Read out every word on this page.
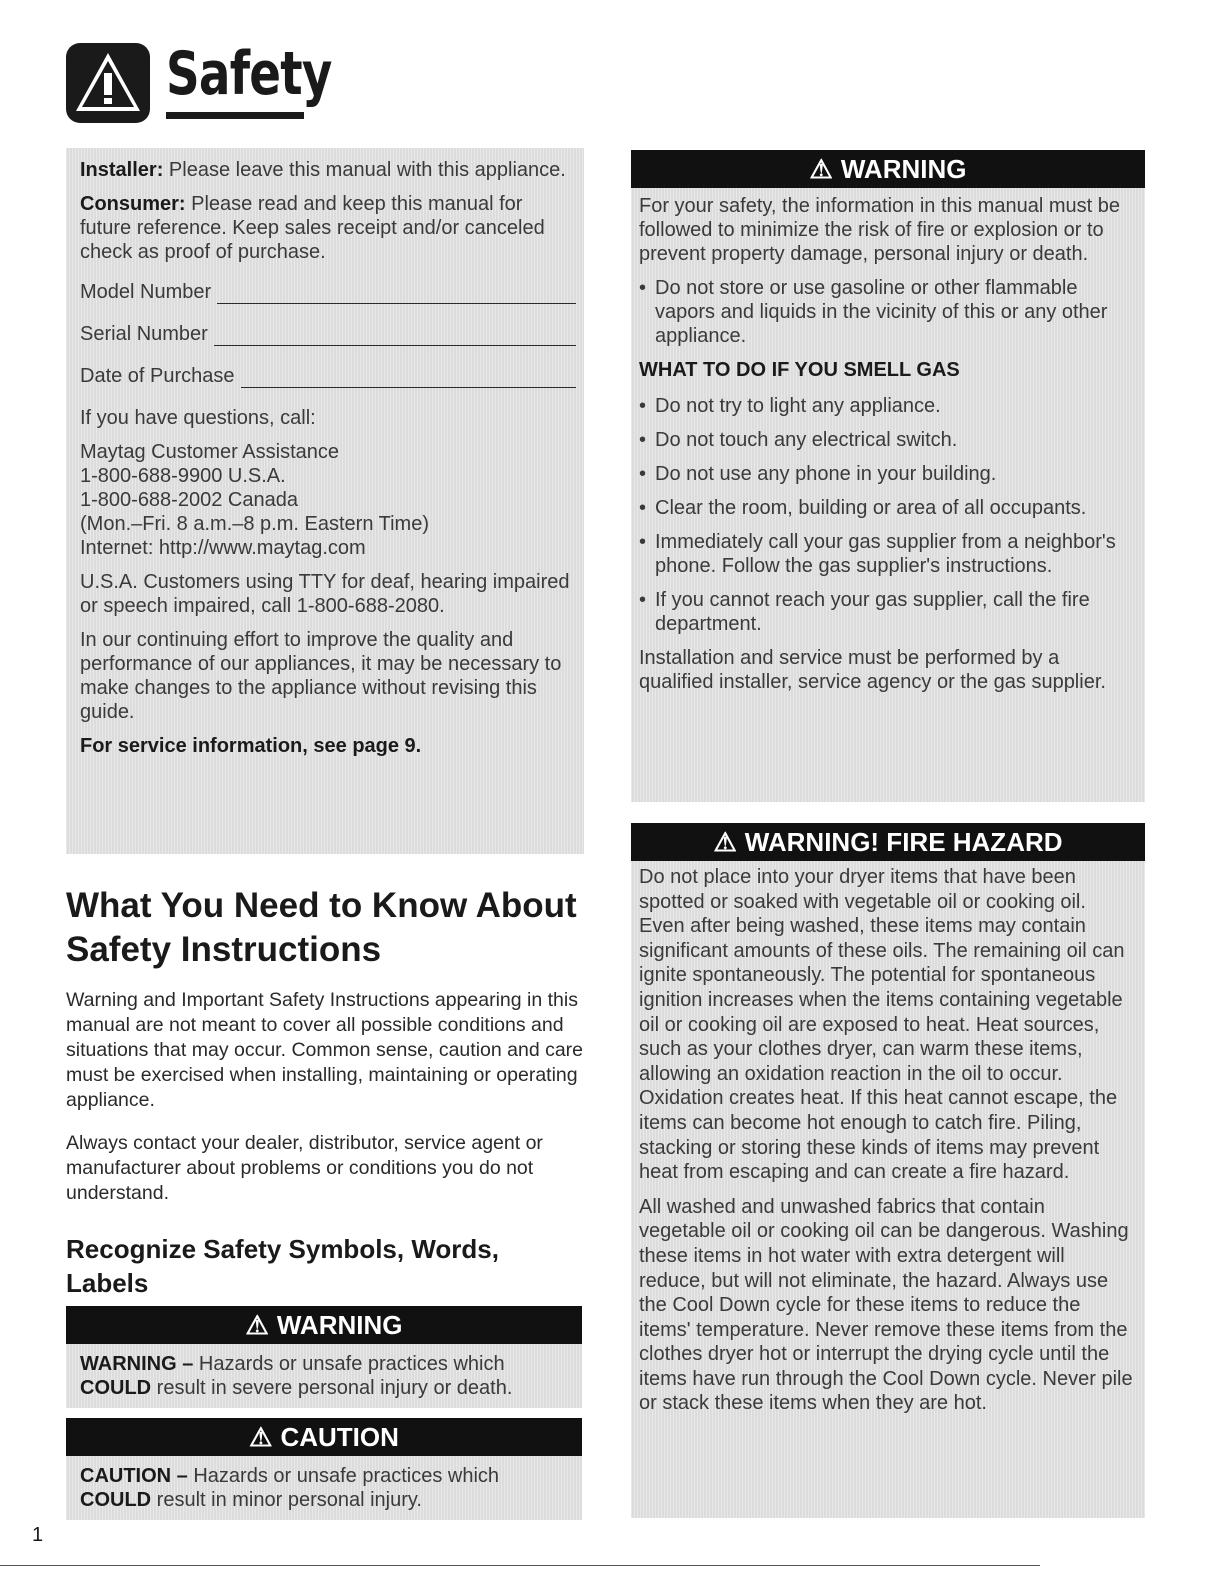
Safety

Installer: Please leave this manual with this appliance.

Consumer: Please read and keep this manual for future reference. Keep sales receipt and/or canceled check as proof of purchase.

Model Number
Serial Number
Date of Purchase

If you have questions, call:

Maytag Customer Assistance
1-800-688-9900 U.S.A.
1-800-688-2002 Canada
(Mon.–Fri. 8 a.m.–8 p.m. Eastern Time)
Internet: http://www.maytag.com

U.S.A. Customers using TTY for deaf, hearing impaired or speech impaired, call 1-800-688-2080.

In our continuing effort to improve the quality and performance of our appliances, it may be necessary to make changes to the appliance without revising this guide.

For service information, see page 9.

What You Need to Know About Safety Instructions
Warning and Important Safety Instructions appearing in this manual are not meant to cover all possible conditions and situations that may occur. Common sense, caution and care must be exercised when installing, maintaining or operating appliance.
Always contact your dealer, distributor, service agent or manufacturer about problems or conditions you do not understand.
Recognize Safety Symbols, Words, Labels
⚠ WARNING
WARNING – Hazards or unsafe practices which
COULD result in severe personal injury or death.
⚠ CAUTION
CAUTION – Hazards or unsafe practices which
COULD result in minor personal injury.
⚠ WARNING

For your safety, the information in this manual must be followed to minimize the risk of fire or explosion or to prevent property damage, personal injury or death.

• Do not store or use gasoline or other flammable vapors and liquids in the vicinity of this or any other appliance.
WHAT TO DO IF YOU SMELL GAS
• Do not try to light any appliance.
• Do not touch any electrical switch.
• Do not use any phone in your building.
• Clear the room, building or area of all occupants.
• Immediately call your gas supplier from a neighbor's phone. Follow the gas supplier's instructions.
• If you cannot reach your gas supplier, call the fire department.

Installation and service must be performed by a qualified installer, service agency or the gas supplier.

⚠ WARNING! FIRE HAZARD

Do not place into your dryer items that have been spotted or soaked with vegetable oil or cooking oil. Even after being washed, these items may contain significant amounts of these oils. The remaining oil can ignite spontaneously. The potential for spontaneous ignition increases when the items containing vegetable oil or cooking oil are exposed to heat. Heat sources, such as your clothes dryer, can warm these items, allowing an oxidation reaction in the oil to occur. Oxidation creates heat. If this heat cannot escape, the items can become hot enough to catch fire. Piling, stacking or storing these kinds of items may prevent heat from escaping and can create a fire hazard.

All washed and unwashed fabrics that contain vegetable oil or cooking oil can be dangerous. Washing these items in hot water with extra detergent will reduce, but will not eliminate, the hazard. Always use the Cool Down cycle for these items to reduce the items' temperature. Never remove these items from the clothes dryer hot or interrupt the drying cycle until the items have run through the Cool Down cycle. Never pile or stack these items when they are hot.

1
